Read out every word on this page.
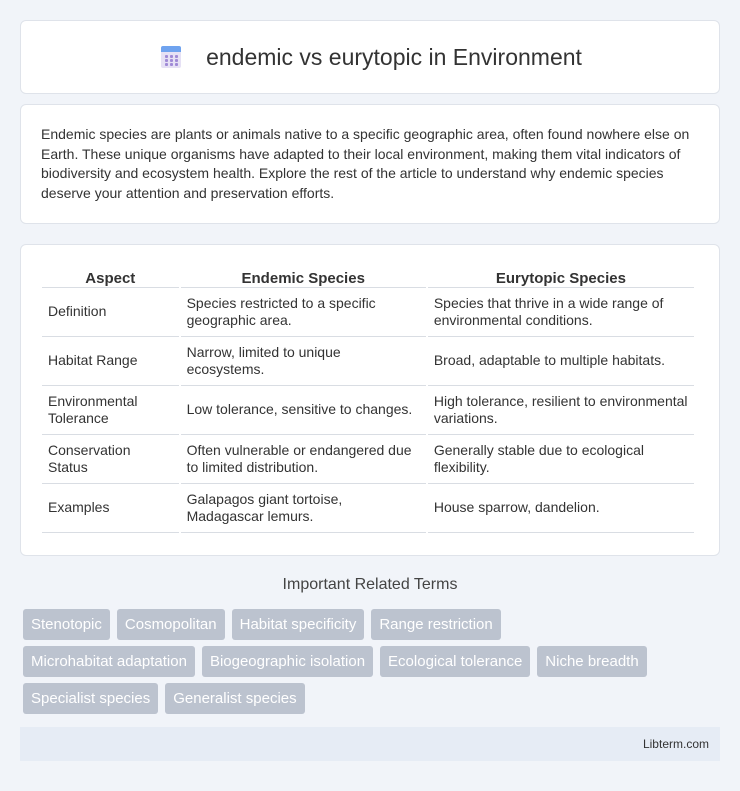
endemic vs eurytopic in Environment

Endemic species are plants or animals native to a specific geographic area, often found nowhere else on Earth. These unique organisms have adapted to their local environment, making them vital indicators of biodiversity and ecosystem health. Explore the rest of the article to understand why endemic species deserve your attention and preservation efforts.

Aspect	Endemic Species	Eurytopic Species
Definition	Species restricted to a specific geographic area.	Species that thrive in a wide range of environmental conditions.
Habitat Range	Narrow, limited to unique ecosystems.	Broad, adaptable to multiple habitats.
Environmental Tolerance	Low tolerance, sensitive to changes.	High tolerance, resilient to environmental variations.
Conservation Status	Often vulnerable or endangered due to limited distribution.	Generally stable due to ecological flexibility.
Examples	Galapagos giant tortoise, Madagascar lemurs.	House sparrow, dandelion.
Important Related Terms
Stenotopic	Cosmopolitan	Habitat specificity	Range restriction
Microhabitat adaptation	Biogeographic isolation	Ecological tolerance	Niche breadth
Specialist species	Generalist species
Libterm.com
